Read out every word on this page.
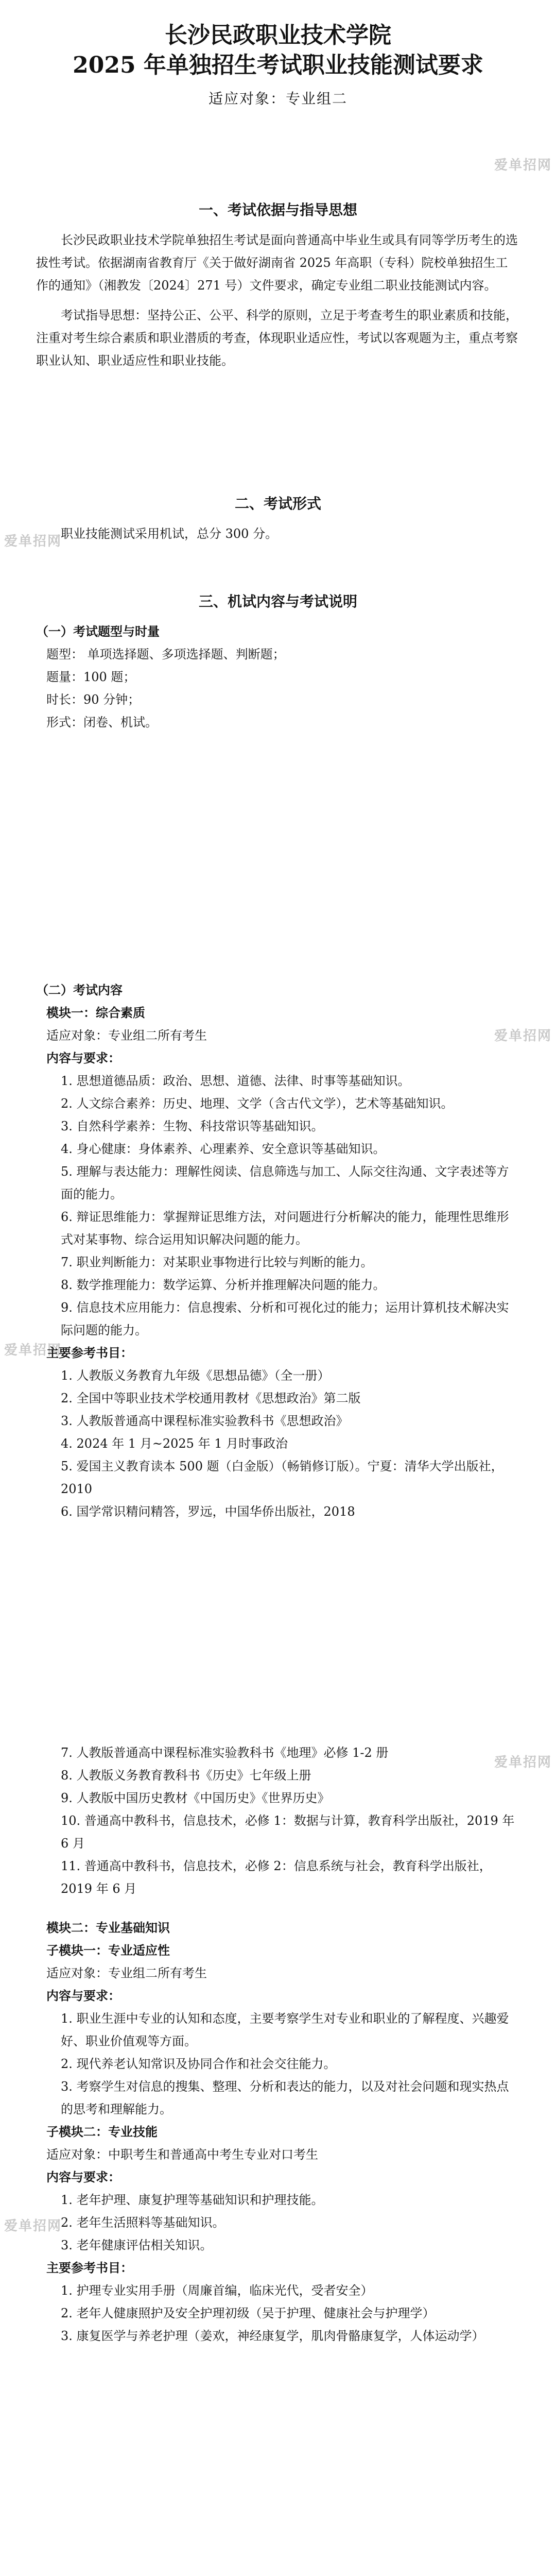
长沙民政职业技术学院
2025 年单独招生考试职业技能测试要求
适应对象：专业组二
爱单招网
爱单招网
爱单招网
爱单招网
爱单招网
爱单招网
一、考试依据与指导思想
长沙民政职业技术学院单独招生考试是面向普通高中毕业生或具有同等学历考生的选拔性考试。依据湖南省教育厅《关于做好湖南省 2025 年高职（专科）院校单独招生工作的通知》（湘教发〔2024〕271 号）文件要求，确定专业组二职业技能测试内容。
考试指导思想：坚持公正、公平、科学的原则，立足于考查考生的职业素质和技能，注重对考生综合素质和职业潜质的考查，体现职业适应性，考试以客观题为主，重点考察职业认知、职业适应性和职业技能。
二、考试形式
职业技能测试采用机试，总分 300 分。
三、机试内容与考试说明
（一）考试题型与时量
题型： 单项选择题、多项选择题、判断题；
题量：100 题；
时长：90 分钟；
形式：闭卷、机试。
（二）考试内容
模块一：综合素质
适应对象：专业组二所有考生
内容与要求：
1. 思想道德品质：政治、思想、道德、法律、时事等基础知识。
2. 人文综合素养：历史、地理、文学（含古代文学），艺术等基础知识。
3. 自然科学素养：生物、科技常识等基础知识。
4. 身心健康：身体素养、心理素养、安全意识等基础知识。
5. 理解与表达能力：理解性阅读、信息筛选与加工、人际交往沟通、文字表述等方面的能力。
6. 辩证思维能力：掌握辩证思维方法，对问题进行分析解决的能力，能理性思维形式对某事物、综合运用知识解决问题的能力。
7. 职业判断能力：对某职业事物进行比较与判断的能力。
8. 数学推理能力：数学运算、分析并推理解决问题的能力。
9. 信息技术应用能力：信息搜索、分析和可视化过的能力；运用计算机技术解决实际问题的能力。
主要参考书目：
1. 人教版义务教育九年级《思想品德》（全一册）
2. 全国中等职业技术学校通用教材《思想政治》第二版
3. 人教版普通高中课程标准实验教科书《思想政治》
4. 2024 年 1 月~2025 年 1 月时事政治
5. 爱国主义教育读本 500 题（白金版）（畅销修订版）。宁夏：清华大学出版社，2010
6. 国学常识精问精答，罗远，中国华侨出版社，2018
7. 人教版普通高中课程标准实验教科书《地理》必修 1-2 册
8. 人教版义务教育教科书《历史》七年级上册
9. 人教版中国历史教材《中国历史》《世界历史》
10. 普通高中教科书，信息技术，必修 1：数据与计算，教育科学出版社，2019 年 6 月
11. 普通高中教科书，信息技术，必修 2：信息系统与社会，教育科学出版社，2019 年 6 月
模块二：专业基础知识
子模块一：专业适应性
适应对象：专业组二所有考生
内容与要求：
1. 职业生涯中专业的认知和态度，主要考察学生对专业和职业的了解程度、兴趣爱好、职业价值观等方面。
2. 现代养老认知常识及协同合作和社会交往能力。
3. 考察学生对信息的搜集、整理、分析和表达的能力，以及对社会问题和现实热点的思考和理解能力。
子模块二：专业技能
适应对象：中职考生和普通高中考生专业对口考生
内容与要求：
1. 老年护理、康复护理等基础知识和护理技能。
2. 老年生活照料等基础知识。
3. 老年健康评估相关知识。
主要参考书目：
1. 护理专业实用手册（周廉首编，临床光代，受者安全）
2. 老年人健康照护及安全护理初级（吴于护理、健康社会与护理学）
3. 康复医学与养老护理（姜欢，神经康复学，肌肉骨骼康复学，人体运动学）
